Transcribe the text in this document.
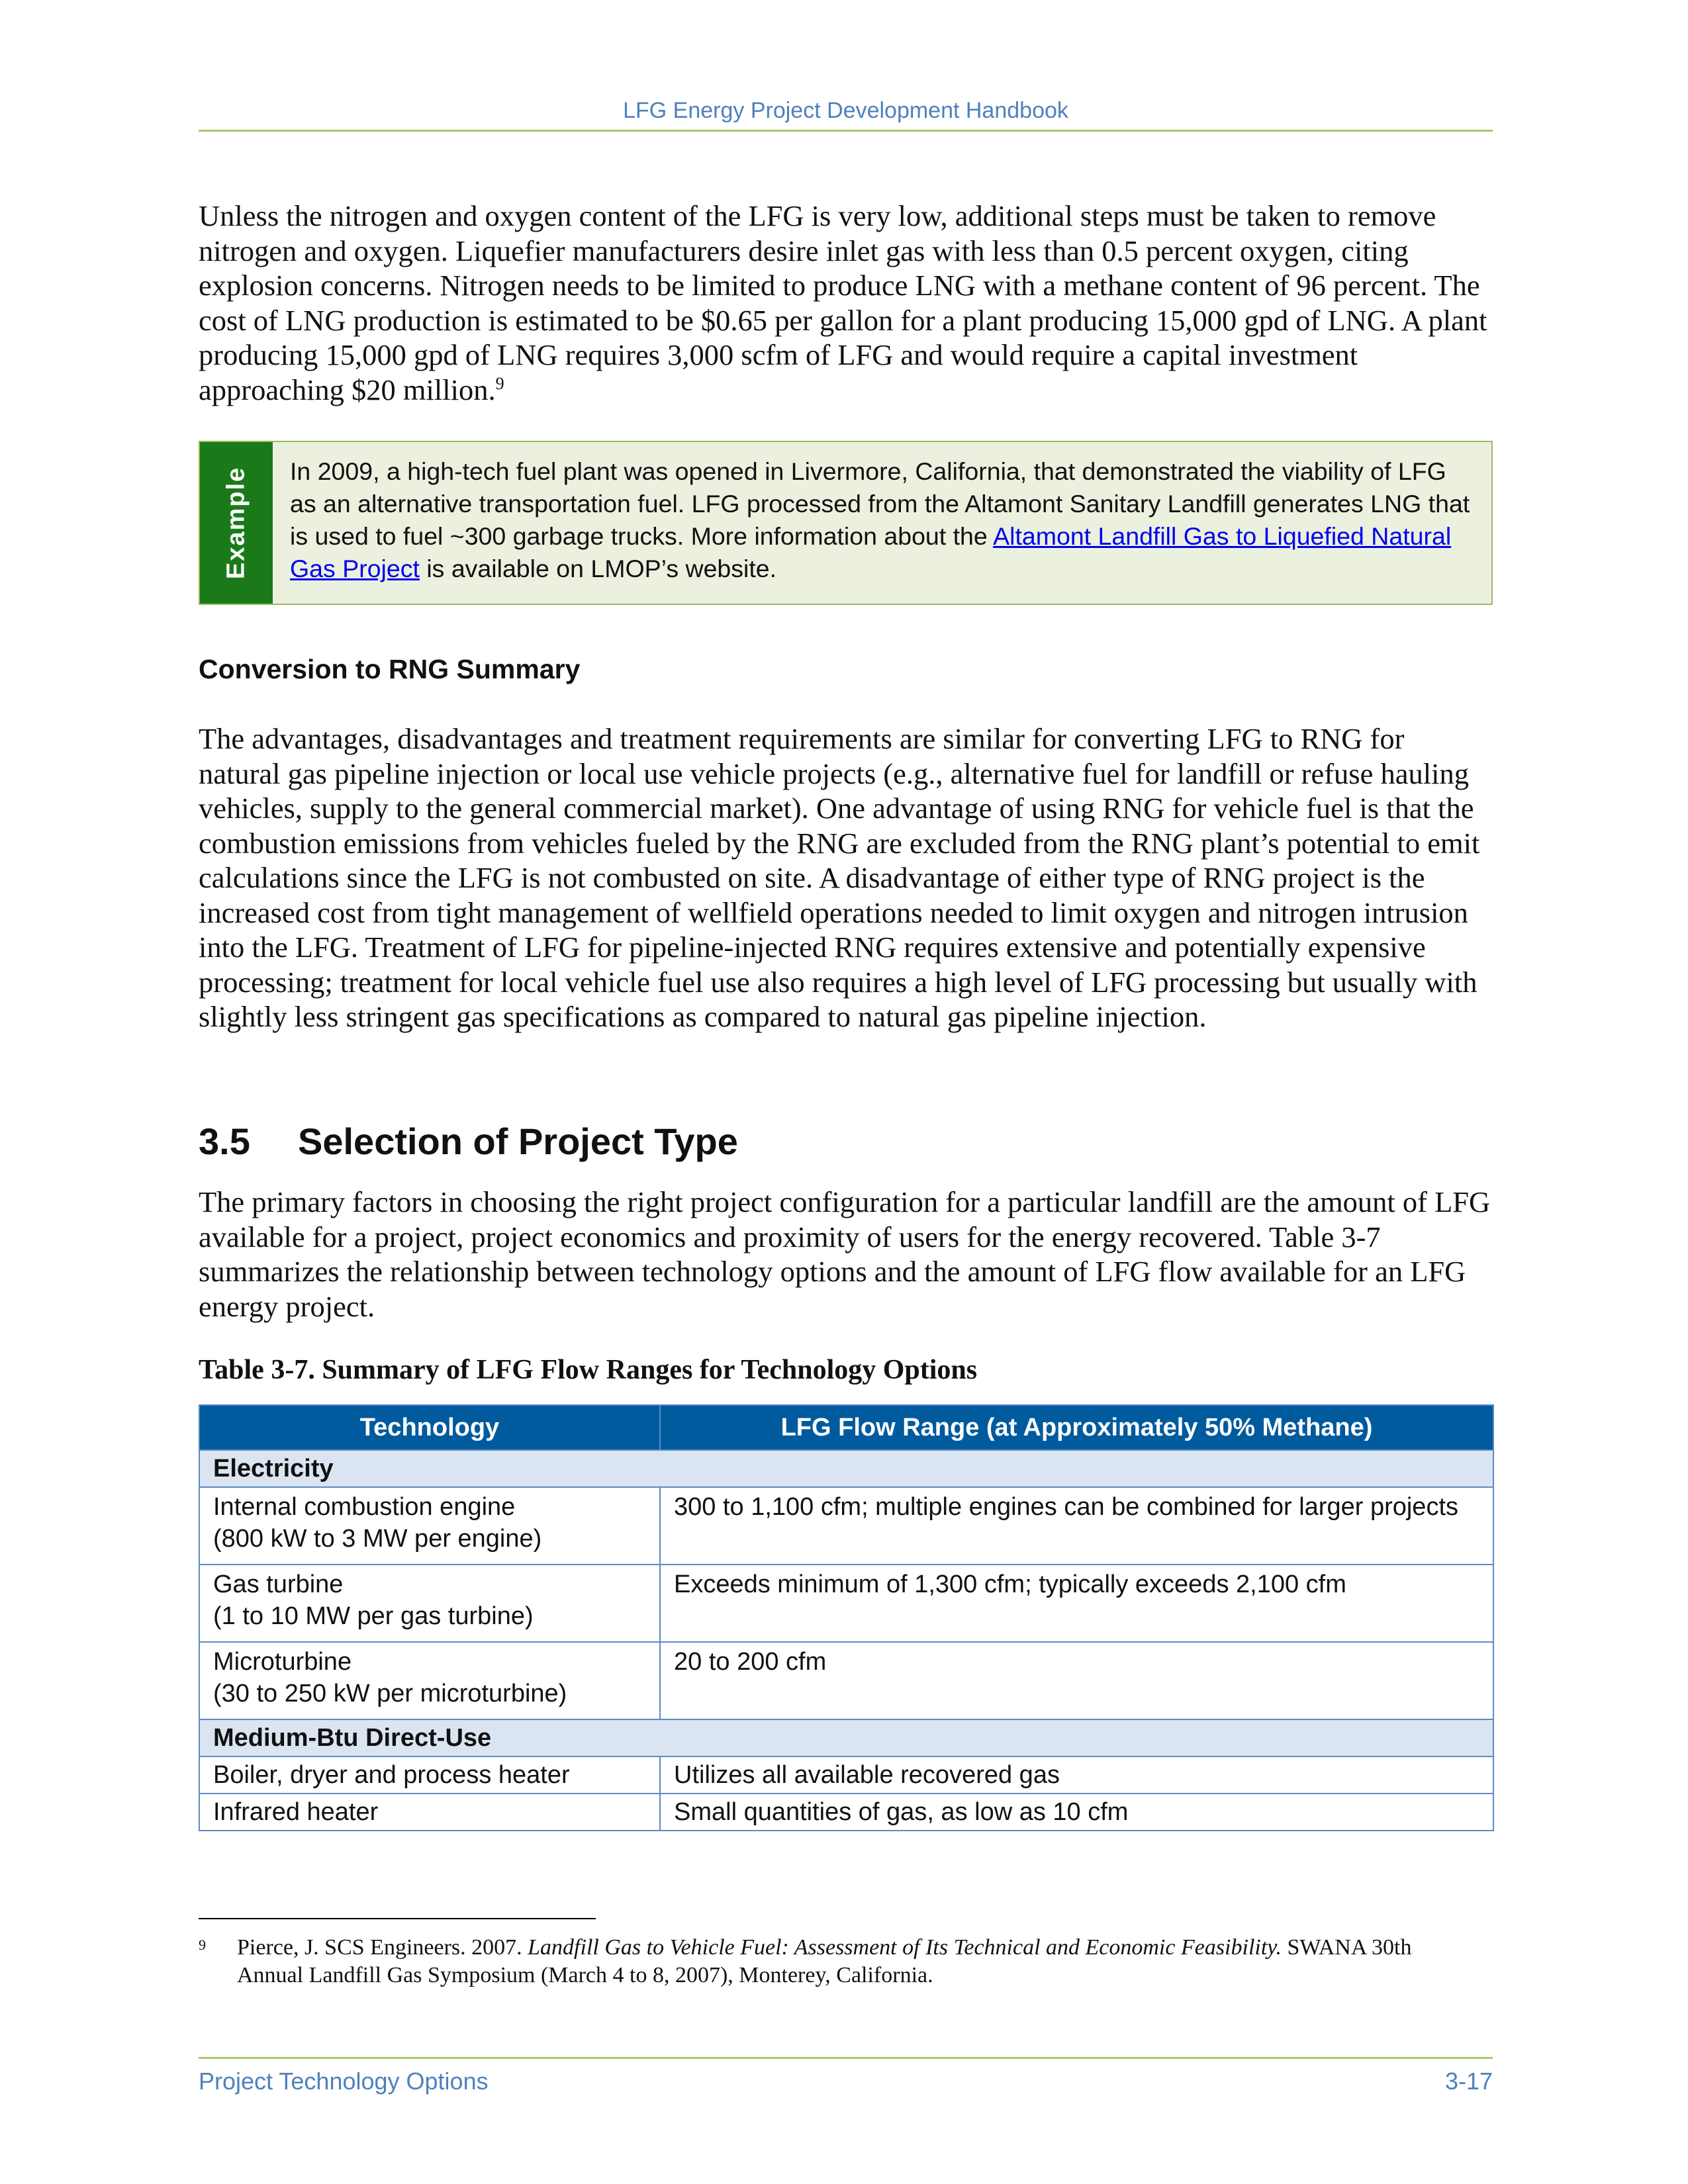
LFG Energy Project Development Handbook

Unless the nitrogen and oxygen content of the LFG is very low, additional steps must be taken to remove nitrogen and oxygen. Liquefier manufacturers desire inlet gas with less than 0.5 percent oxygen, citing explosion concerns. Nitrogen needs to be limited to produce LNG with a methane content of 96 percent. The cost of LNG production is estimated to be $0.65 per gallon for a plant producing 15,000 gpd of LNG. A plant producing 15,000 gpd of LNG requires 3,000 scfm of LFG and would require a capital investment approaching $20 million.$^9$

Example In 2009, a high-tech fuel plant was opened in Livermore, California, that demonstrated the viability of LFG as an alternative transportation fuel. LFG processed from the Altamont Sanitary Landfill generates LNG that is used to fuel ~300 garbage trucks. More information about the Altamont Landfill Gas to Liquefied Natural Gas Project is available on LMOP’s website.

Conversion to RNG Summary

The advantages, disadvantages and treatment requirements are similar for converting LFG to RNG for natural gas pipeline injection or local use vehicle projects (e.g., alternative fuel for landfill or refuse hauling vehicles, supply to the general commercial market). One advantage of using RNG for vehicle fuel is that the combustion emissions from vehicles fueled by the RNG are excluded from the RNG plant’s potential to emit calculations since the LFG is not combusted on site. A disadvantage of either type of RNG project is the increased cost from tight management of wellfield operations needed to limit oxygen and nitrogen intrusion into the LFG. Treatment of LFG for pipeline-injected RNG requires extensive and potentially expensive processing; treatment for local vehicle fuel use also requires a high level of LFG processing but usually with slightly less stringent gas specifications as compared to natural gas pipeline injection.

3.5 Selection of Project Type

The primary factors in choosing the right project configuration for a particular landfill are the amount of LFG available for a project, project economics and proximity of users for the energy recovered. Table 3-7 summarizes the relationship between technology options and the amount of LFG flow available for an LFG energy project.

Table 3-7. Summary of LFG Flow Ranges for Technology Options

Technology	LFG Flow Range (at Approximately 50% Methane)
Electricity	
Internal combustion engine
(800 kW to 3 MW per engine)	300 to 1,100 cfm; multiple engines can be combined for larger projects
Gas turbine
(1 to 10 MW per gas turbine)	Exceeds minimum of 1,300 cfm; typically exceeds 2,100 cfm
Microturbine
(30 to 250 kW per microturbine)	20 to 200 cfm
Medium-Btu Direct-Use	
Boiler, dryer and process heater	Utilizes all available recovered gas
Infrared heater	Small quantities of gas, as low as 10 cfm
9 Pierce, J. SCS Engineers. 2007. Landfill Gas to Vehicle Fuel: Assessment of Its Technical and Economic Feasibility. SWANA 30th Annual Landfill Gas Symposium (March 4 to 8, 2007), Monterey, California.
Project Technology Options	3-17
